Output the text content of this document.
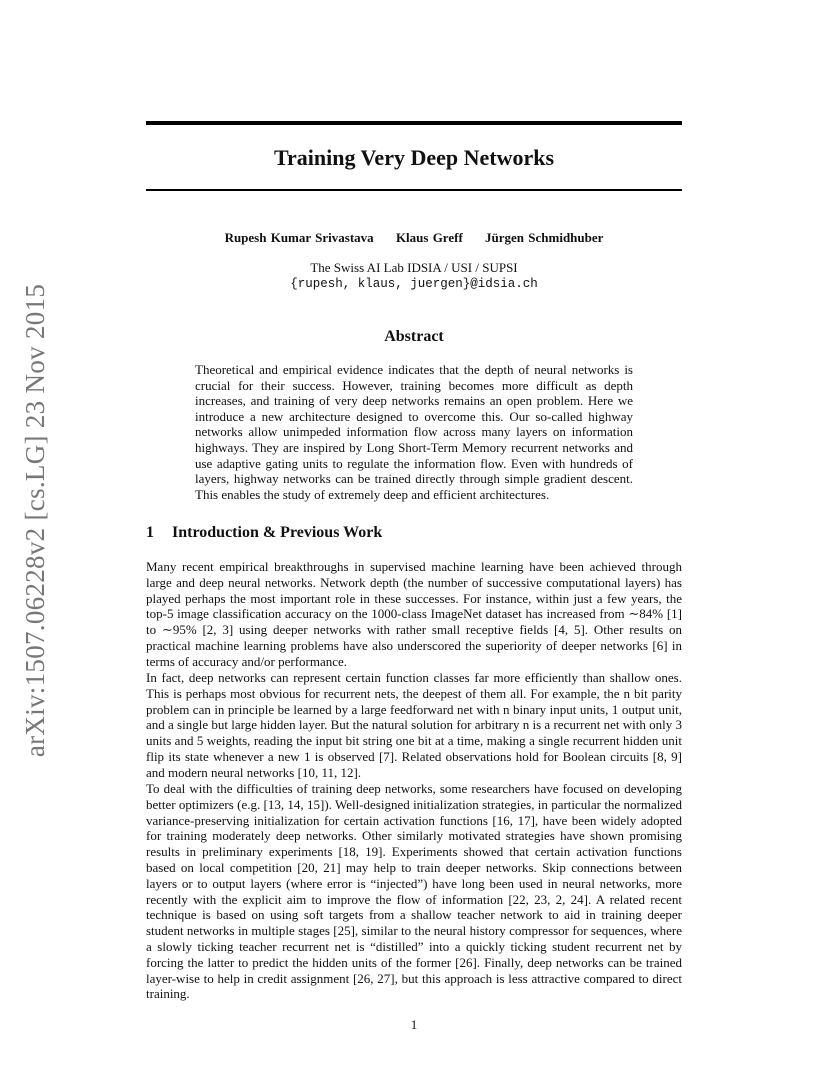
arXiv:1507.06228v2 [cs.LG] 23 Nov 2015
Training Very Deep Networks
Rupesh Kumar Srivastava Klaus Greff Jürgen Schmidhuber
The Swiss AI Lab IDSIA / USI / SUPSI
{rupesh, klaus, juergen}@idsia.ch
Abstract

Theoretical and empirical evidence indicates that the depth of neural networks is crucial for their success. However, training becomes more difficult as depth increases, and training of very deep networks remains an open problem. Here we introduce a new architecture designed to overcome this. Our so-called highway networks allow unimpeded information flow across many layers on information highways. They are inspired by Long Short-Term Memory recurrent networks and use adaptive gating units to regulate the information flow. Even with hundreds of layers, highway networks can be trained directly through simple gradient descent. This enables the study of extremely deep and efficient architectures.

1 Introduction & Previous Work

Many recent empirical breakthroughs in supervised machine learning have been achieved through large and deep neural networks. Network depth (the number of successive computational layers) has played perhaps the most important role in these successes. For instance, within just a few years, the top-5 image classification accuracy on the 1000-class ImageNet dataset has increased from ∼84% [1] to ∼95% [2, 3] using deeper networks with rather small receptive fields [4, 5]. Other results on practical machine learning problems have also underscored the superiority of deeper networks [6] in terms of accuracy and/or performance.

In fact, deep networks can represent certain function classes far more efficiently than shallow ones. This is perhaps most obvious for recurrent nets, the deepest of them all. For example, the n bit parity problem can in principle be learned by a large feedforward net with n binary input units, 1 output unit, and a single but large hidden layer. But the natural solution for arbitrary n is a recurrent net with only 3 units and 5 weights, reading the input bit string one bit at a time, making a single recurrent hidden unit flip its state whenever a new 1 is observed [7]. Related observations hold for Boolean circuits [8, 9] and modern neural networks [10, 11, 12].

To deal with the difficulties of training deep networks, some researchers have focused on developing better optimizers (e.g. [13, 14, 15]). Well-designed initialization strategies, in particular the normalized variance-preserving initialization for certain activation functions [16, 17], have been widely adopted for training moderately deep networks. Other similarly motivated strategies have shown promising results in preliminary experiments [18, 19]. Experiments showed that certain activation functions based on local competition [20, 21] may help to train deeper networks. Skip connections between layers or to output layers (where error is “injected”) have long been used in neural networks, more recently with the explicit aim to improve the flow of information [22, 23, 2, 24]. A related recent technique is based on using soft targets from a shallow teacher network to aid in training deeper student networks in multiple stages [25], similar to the neural history compressor for sequences, where a slowly ticking teacher recurrent net is “distilled” into a quickly ticking student recurrent net by forcing the latter to predict the hidden units of the former [26]. Finally, deep networks can be trained layer-wise to help in credit assignment [26, 27], but this approach is less attractive compared to direct training.

1
